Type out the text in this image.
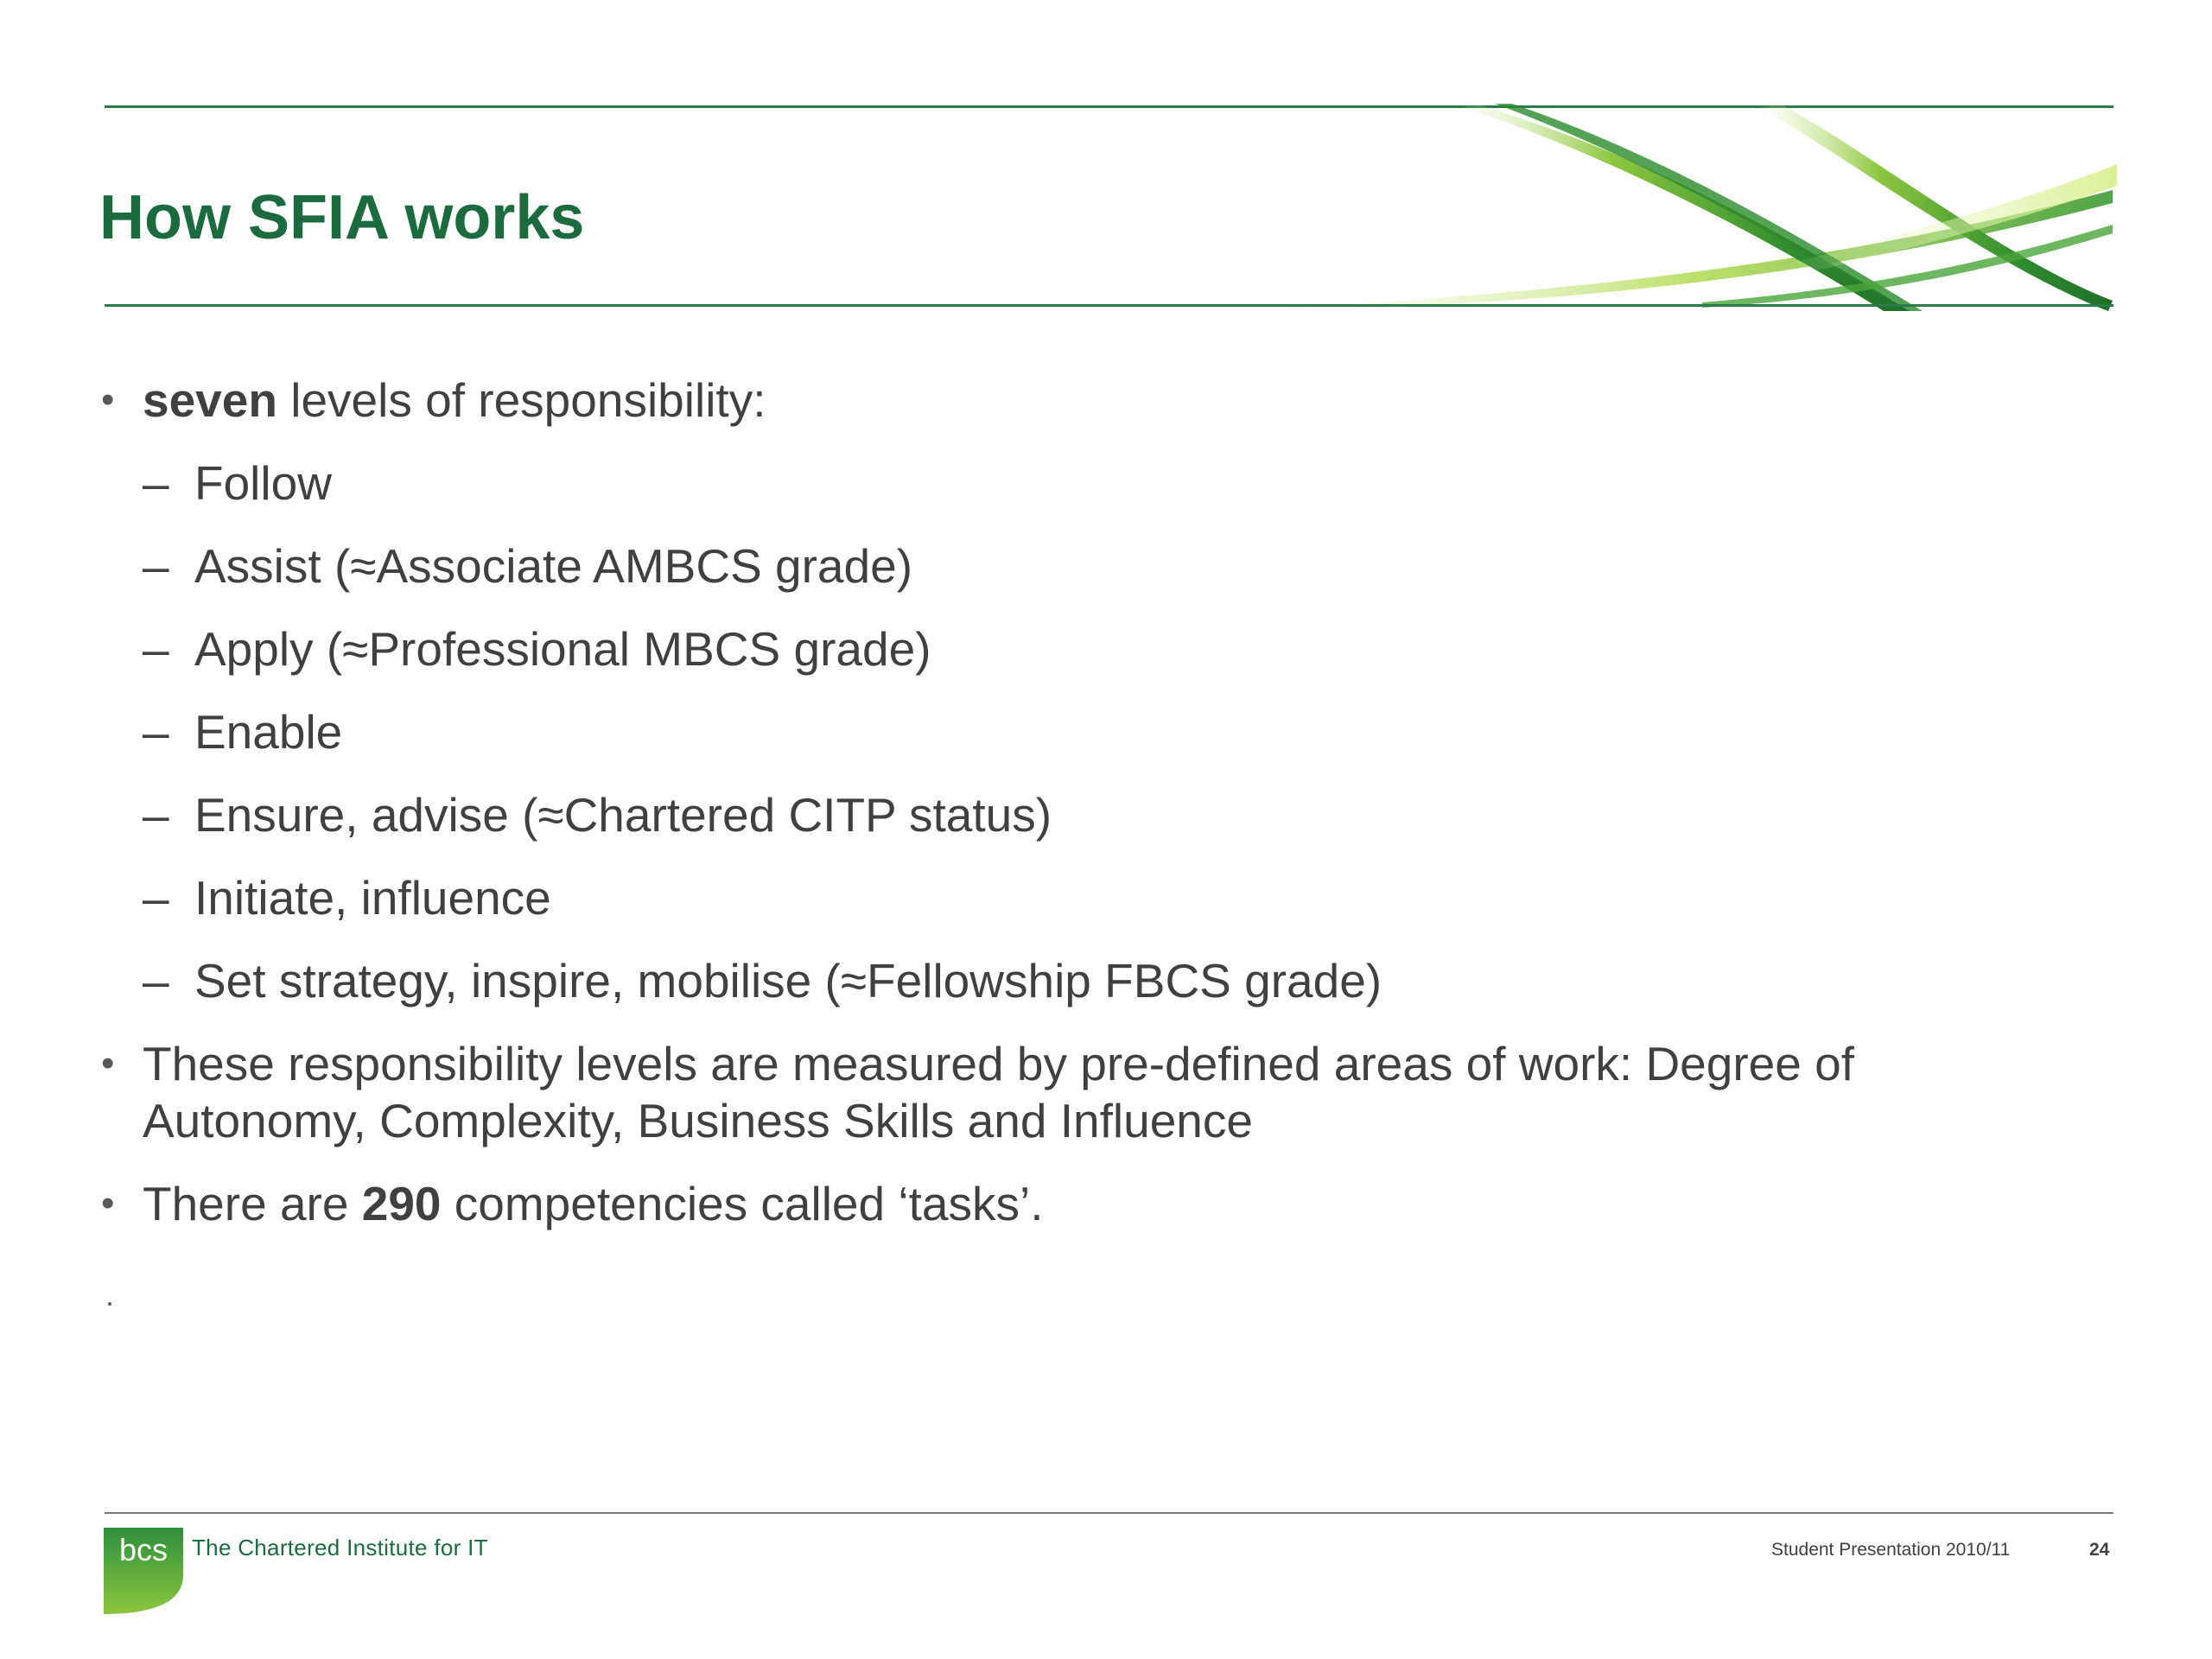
How SFIA works
• seven levels of responsibility:
– Follow
– Assist (≈Associate AMBCS grade)
– Apply (≈Professional MBCS grade)
– Enable
– Ensure, advise (≈Chartered CITP status)
– Initiate, influence
– Set strategy, inspire, mobilise (≈Fellowship FBCS grade)
• These responsibility levels are measured by pre-defined areas of work: Degree of
Autonomy, Complexity, Business Skills and Influence
• There are 290 competencies called ‘tasks’.
.
bcs The Chartered Institute for IT	Student Presentation 2010/11	24
